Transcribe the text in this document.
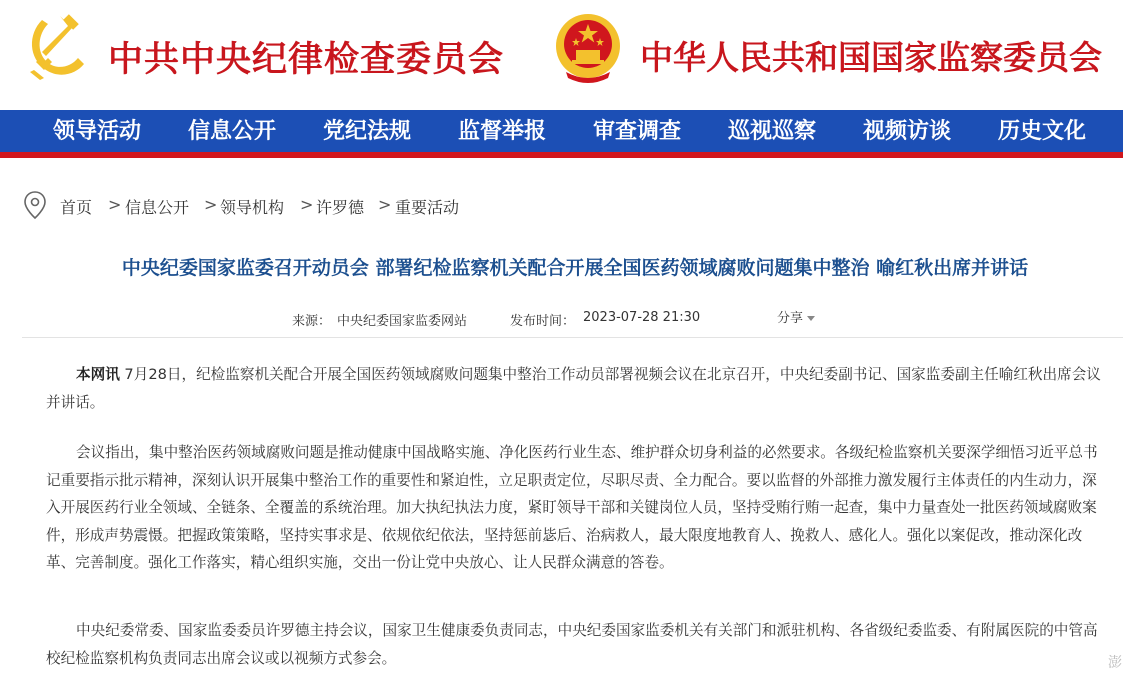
中共中央纪律检查委员会	中华人民共和国国家监察委员会
领导活动 信息公开 党纪法规 监督举报 审查调查 巡视巡察 视频访谈 历史文化
首页 > 信息公开 > 领导机构 > 许罗德 > 重要活动
中央纪委国家监委召开动员会 部署纪检监察机关配合开展全国医药领域腐败问题集中整治 喻红秋出席并讲话
来源： 中央纪委国家监委网站	发布时间： 2023-07-28 21:30	分享

本网讯 7月28日，纪检监察机关配合开展全国医药领域腐败问题集中整治工作动员部署视频会议在北京召开，中央纪委副书记、国家监委副主任喻红秋出席会议并讲话。

会议指出，集中整治医药领域腐败问题是推动健康中国战略实施、净化医药行业生态、维护群众切身利益的必然要求。各级纪检监察机关要深学细悟习近平总书记重要指示批示精神，深刻认识开展集中整治工作的重要性和紧迫性，立足职责定位，尽职尽责、全力配合。要以监督的外部推力激发履行主体责任的内生动力，深入开展医药行业全领域、全链条、全覆盖的系统治理。加大执纪执法力度，紧盯领导干部和关键岗位人员，坚持受贿行贿一起查，集中力量查处一批医药领域腐败案件，形成声势震慑。把握政策策略，坚持实事求是、依规依纪依法，坚持惩前毖后、治病救人，最大限度地教育人、挽救人、感化人。强化以案促改，推动深化改革、完善制度。强化工作落实，精心组织实施，交出一份让党中央放心、让人民群众满意的答卷。

中央纪委常委、国家监委委员许罗德主持会议，国家卫生健康委负责同志，中央纪委国家监委机关有关部门和派驻机构、各省级纪委监委、有附属医院的中管高校纪检监察机构负责同志出席会议或以视频方式参会。	澎
